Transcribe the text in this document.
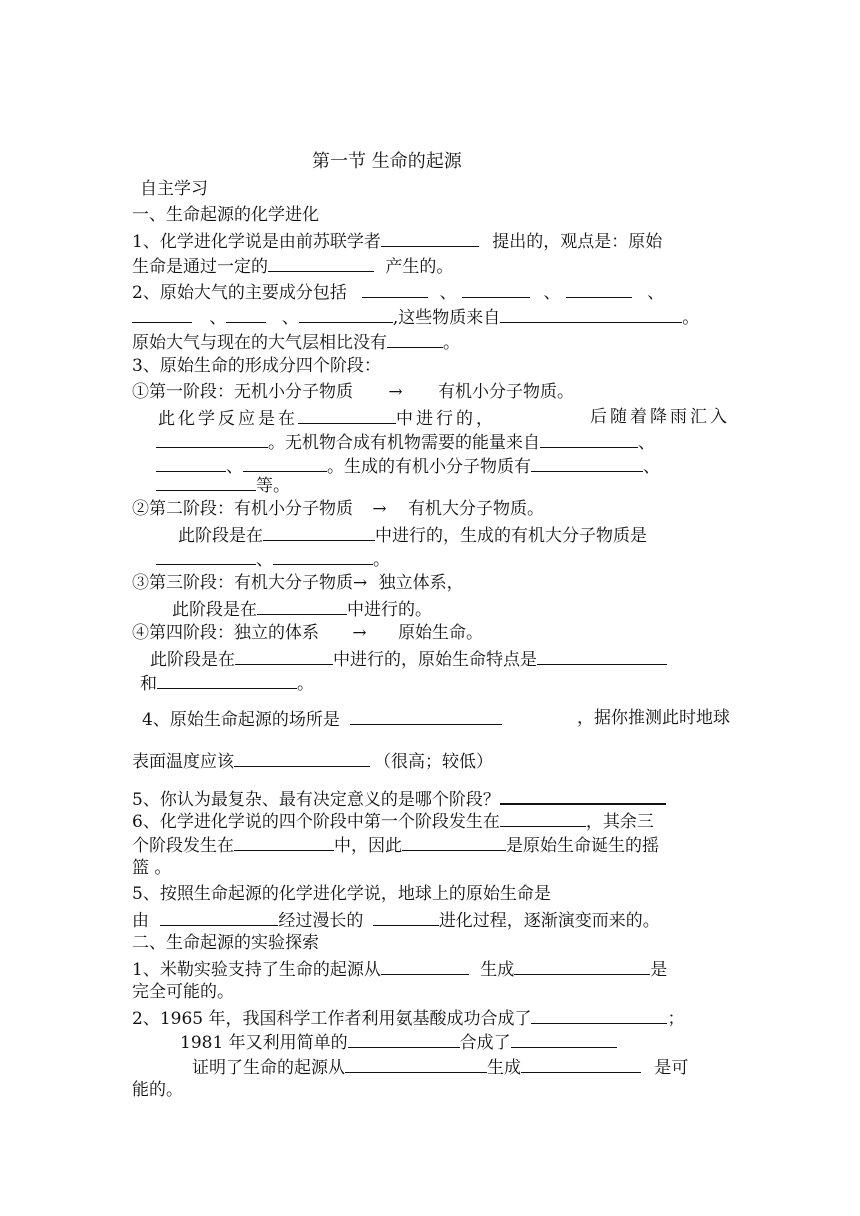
第一节 生命的起源
自主学习
一、生命起源的化学进化
1、化学进化学说是由前苏联学者	提出的，观点是：原始
生命是通过一定的	产生的。
2、原始大气的主要成分包括	、	、	、
、	、	,这些物质来自	。
原始大气与现在的大气层相比没有	。
3、原始生命的形成分四个阶段：
①第一阶段：无机小分子物质 → 有机小分子物质。
此化学反应是在	中进行的，	后随着降雨汇入
。无机物合成有机物需要的能量来自	、
、	。生成的有机小分子物质有	、
等。
②第二阶段：有机小分子物质 → 有机大分子物质。
此阶段是在	中进行的，生成的有机大分子物质是
、	。
③第三阶段：有机大分子物质→ 独立体系，
此阶段是在	中进行的。
④第四阶段：独立的体系 → 原始生命。
此阶段是在	中进行的，原始生命特点是
和	。
4、原始生命起源的场所是	，据你推测此时地球
表面温度应该	（很高；较低）
5、你认为最复杂、最有决定意义的是哪个阶段？
6、化学进化学说的四个阶段中第一个阶段发生在	，其余三
个阶段发生在	中，因此	是原始生命诞生的摇
篮 。
5、按照生命起源的化学进化学说，地球上的原始生命是
由	经过漫长的	进化过程，逐渐演变而来的。
二、生命起源的实验探索
1、米勒实验支持了生命的起源从	生成	是
完全可能的。
2、1965 年，我国科学工作者利用氨基酸成功合成了	；
1981 年又利用简单的	合成了
证明了生命的起源从	生成	是可
能的。
